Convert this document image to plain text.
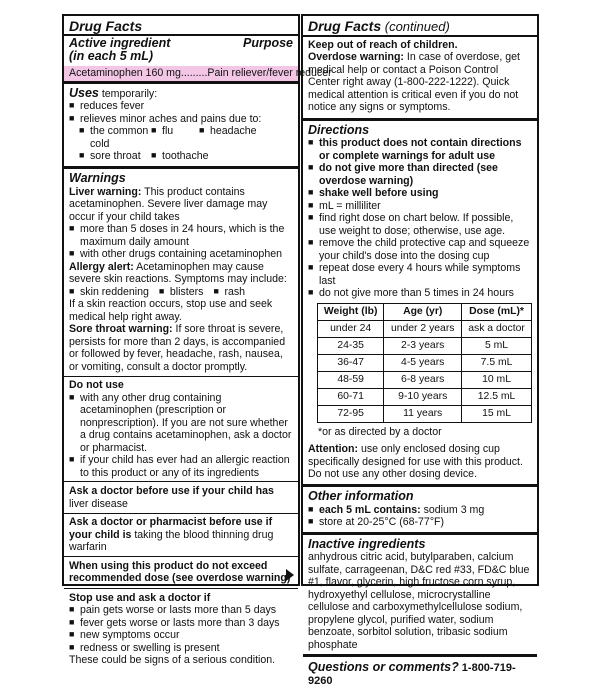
Drug Facts
Active ingredient	Purpose
(in each 5 mL)
Acetaminophen 160 mg......... Pain reliever/fever reducer
Uses temporarily:
■ reduces fever
■ relieves minor aches and pains due to:
■ the common cold
■ flu	■ headache
■ sore throat	■ toothache
Warnings
Liver warning: This product contains acetaminophen. Severe liver damage may occur if your child takes
■ more than 5 doses in 24 hours, which is the maximum daily amount
■ with other drugs containing acetaminophen
Allergy alert: Acetaminophen may cause severe skin reactions. Symptoms may include:
■ skin reddening	■ blisters	■ rash
If a skin reaction occurs, stop use and seek medical help right away.
Sore throat warning: If sore throat is severe, persists for more than 2 days, is accompanied or followed by fever, headache, rash, nausea, or vomiting, consult a doctor promptly.
Do not use
■ with any other drug containing acetaminophen (prescription or nonprescription). If you are not sure whether a drug contains acetaminophen, ask a doctor or pharmacist.
■ if your child has ever had an allergic reaction to this product or any of its ingredients
Ask a doctor before use if your child has liver disease
Ask a doctor or pharmacist before use if your child is taking the blood thinning drug warfarin
When using this product do not exceed recommended dose (see overdose warning)
Stop use and ask a doctor if
■ pain gets worse or lasts more than 5 days
■ fever gets worse or lasts more than 3 days
■ new symptoms occur
■ redness or swelling is present
These could be signs of a serious condition.
Drug Facts (continued)
Keep out of reach of children.
Overdose warning: In case of overdose, get medical help or contact a Poison Control Center right away (1-800-222-1222). Quick medical attention is critical even if you do not notice any signs or symptoms.
Directions
■ this product does not contain directions or complete warnings for adult use
■ do not give more than directed (see overdose warning)
■ shake well before using
■ mL = milliliter
■ find right dose on chart below. If possible, use weight to dose; otherwise, use age.
■ remove the child protective cap and squeeze your child's dose into the dosing cup
■ repeat dose every 4 hours while symptoms last
■ do not give more than 5 times in 24 hours
Weight (lb)	Age (yr)	Dose (mL)*
under 24	under 2 years	ask a doctor
24-35	2-3 years	5 mL
36-47	4-5 years	7.5 mL
48-59	6-8 years	10 mL
60-71	9-10 years	12.5 mL
72-95	11 years	15 mL
*or as directed by a doctor
Attention: use only enclosed dosing cup specifically designed for use with this product. Do not use any other dosing device.
Other information
■ each 5 mL contains: sodium 3 mg
■ store at 20-25°C (68-77°F)
Inactive ingredients
anhydrous citric acid, butylparaben, calcium sulfate, carrageenan, D&C red #33, FD&C blue #1, flavor, glycerin, high fructose corn syrup, hydroxyethyl cellulose, microcrystalline cellulose and carboxymethylcellulose sodium, propylene glycol, purified water, sodium benzoate, sorbitol solution, tribasic sodium phosphate
Questions or comments? 1-800-719-9260
